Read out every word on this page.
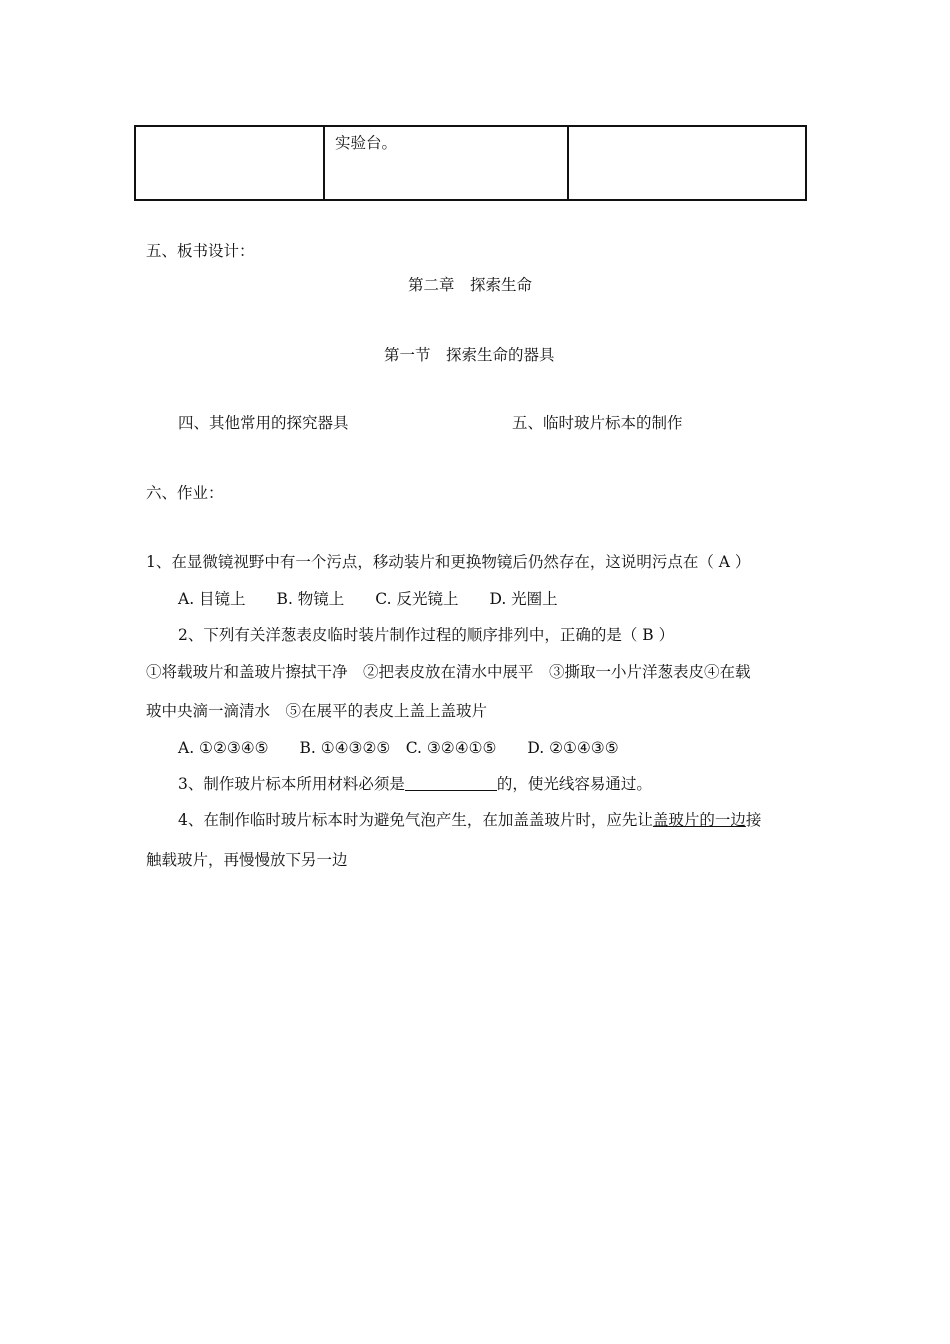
	实验台。	
五、板书设计：
第二章　探索生命
第一节　探索生命的器具
四、其他常用的探究器具	五、临时玻片标本的制作
六、作业：
1、在显微镜视野中有一个污点，移动装片和更换物镜后仍然存在，这说明污点在（ A ）
A. 目镜上　　B. 物镜上　　C. 反光镜上　　D. 光圈上
2、下列有关洋葱表皮临时装片制作过程的顺序排列中，正确的是（ B ）
①将载玻片和盖玻片擦拭干净　②把表皮放在清水中展平　③撕取一小片洋葱表皮④在载
玻中央滴一滴清水　⑤在展平的表皮上盖上盖玻片
A. ①②③④⑤　　B. ①④③②⑤　C. ③②④①⑤　　D. ②①④③⑤
3、制作玻片标本所用材料必须是	的，使光线容易通过。
4、在制作临时玻片标本时为避免气泡产生，在加盖盖玻片时，应先让盖玻片的一边接
触载玻片，再慢慢放下另一边
